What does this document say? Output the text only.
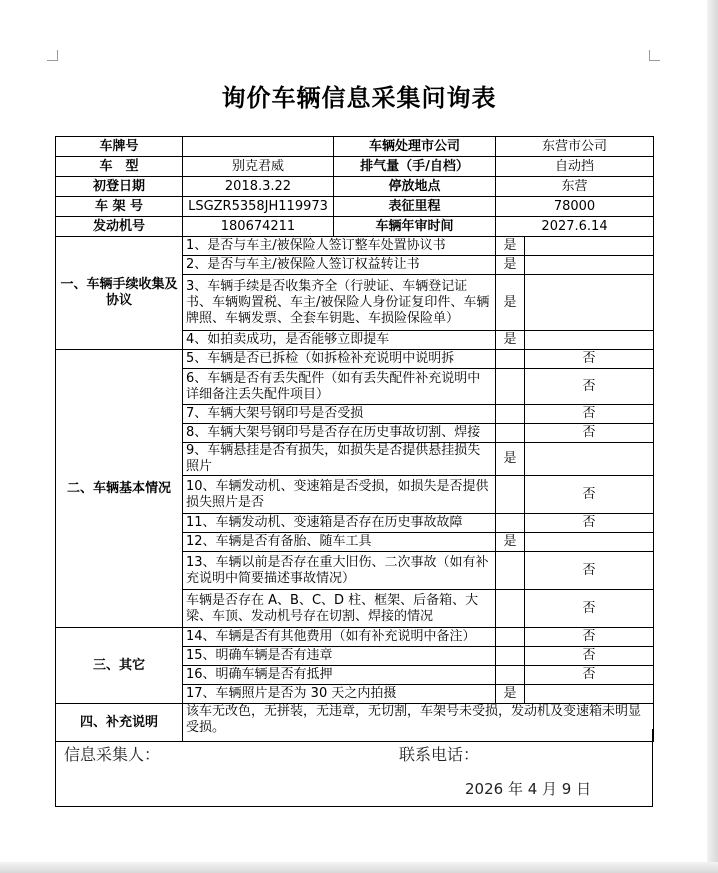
询价车辆信息采集问询表
车牌号		车辆处理市公司	东营市公司	
车　型	别克君威	排气量（手/自档）	自动挡	
初登日期	2018.3.22	停放地点	东营	
车 架 号	LSGZR5358JH119973	表征里程	78000	
发动机号	180674211	车辆年审时间	2027.6.14	
一、车辆手续收集及协议	1、是否与车主/被保险人签订整车处置协议书		是	
	2、是否与车主/被保险人签订权益转让书		是	
	3、车辆手续是否收集齐全（行驶证、车辆登记证书、车辆购置税、车主/被保险人身份证复印件、车辆牌照、车辆发票、全套车钥匙、车损险保险单）		是	
	4、如拍卖成功，是否能够立即提车		是	
二、车辆基本情况	5、车辆是否已拆检（如拆检补充说明中说明拆			否
	6、车辆是否有丢失配件（如有丢失配件补充说明中详细备注丢失配件项目）			否
	7、车辆大架号钢印号是否受损			否
	8、车辆大架号钢印号是否存在历史事故切割、焊接			否
	9、车辆悬挂是否有损失，如损失是否提供悬挂损失照片		是	
	10、车辆发动机、变速箱是否受损，如损失是否提供损失照片是否			否
	11、车辆发动机、变速箱是否存在历史事故故障			否
	12、车辆是否有备胎、随车工具		是	
	13、车辆以前是否存在重大旧伤、二次事故（如有补充说明中简要描述事故情况）			否
	车辆是否存在 A、B、C、D 柱、框架、后备箱、大梁、车顶、发动机号存在切割、焊接的情况			否
三、其它	14、车辆是否有其他费用（如有补充说明中备注）			否
	15、明确车辆是否有违章			否
	16、明确车辆是否有抵押			否
	17、车辆照片是否为 30 天之内拍摄		是	
四、补充说明	该车无改色，无拼装，无违章，无切割，车架号未受损，发动机及变速箱未明显受损。			
信息采集人：	联系电话：
2026 年 4 月 9 日
